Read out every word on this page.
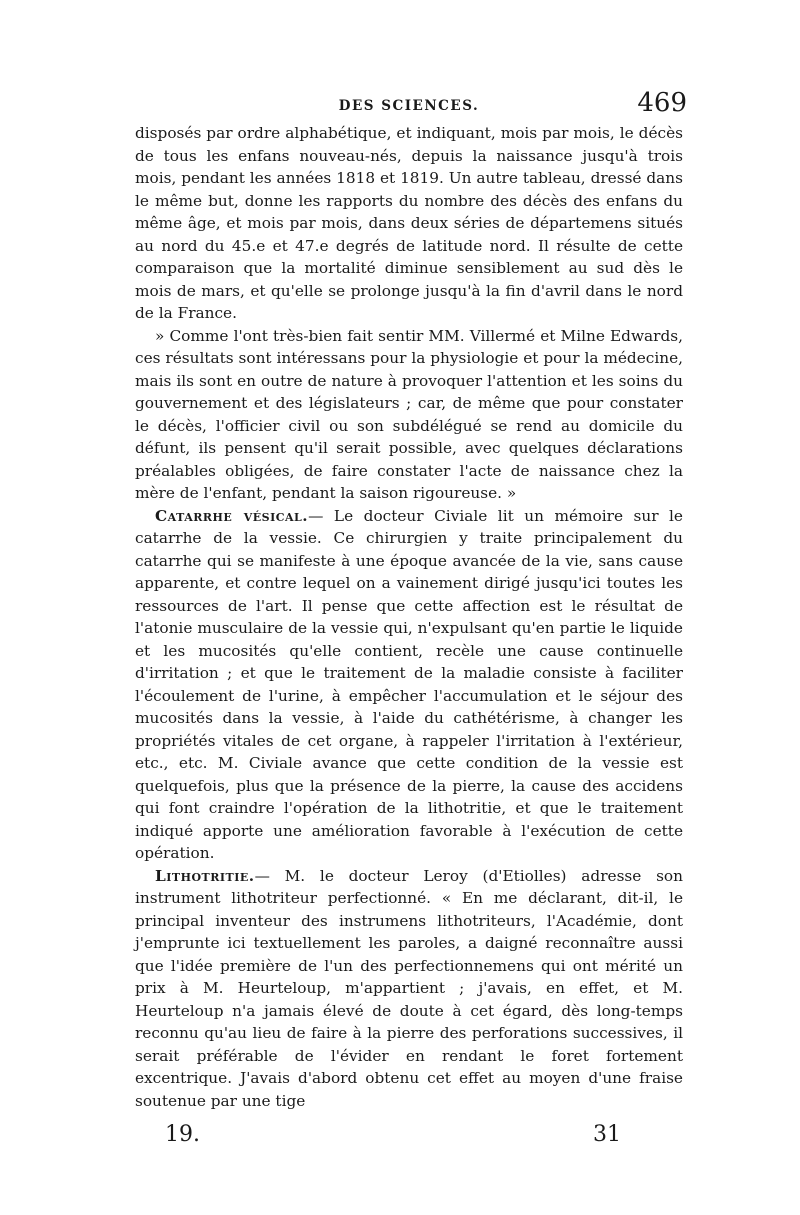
DES SCIENCES.	469

disposés par ordre alphabétique, et indiquant, mois par mois, le décès de tous les enfans nouveau-nés, depuis la naissance jusqu'à trois mois, pendant les années 1818 et 1819. Un autre tableau, dressé dans le même but, donne les rapports du nombre des décès des enfans du même âge, et mois par mois, dans deux séries de départemens situés au nord du 45.e et 47.e degrés de latitude nord. Il résulte de cette comparaison que la mortalité diminue sensiblement au sud dès le mois de mars, et qu'elle se prolonge jusqu'à la fin d'avril dans le nord de la France.

» Comme l'ont très-bien fait sentir MM. Villermé et Milne Edwards, ces résultats sont intéressans pour la physiologie et pour la médecine, mais ils sont en outre de nature à provoquer l'attention et les soins du gouvernement et des législateurs ; car, de même que pour constater le décès, l'officier civil ou son subdélégué se rend au domicile du défunt, ils pensent qu'il serait possible, avec quelques déclarations préalables obligées, de faire constater l'acte de naissance chez la mère de l'enfant, pendant la saison rigoureuse. »

Catarrhe vésical.— Le docteur Civiale lit un mémoire sur le catarrhe de la vessie. Ce chirurgien y traite principalement du catarrhe qui se manifeste à une époque avancée de la vie, sans cause apparente, et contre lequel on a vainement dirigé jusqu'ici toutes les ressources de l'art. Il pense que cette affection est le résultat de l'atonie musculaire de la vessie qui, n'expulsant qu'en partie le liquide et les mucosités qu'elle contient, recèle une cause continuelle d'irritation ; et que le traitement de la maladie consiste à faciliter l'écoulement de l'urine, à empêcher l'accumulation et le séjour des mucosités dans la vessie, à l'aide du cathétérisme, à changer les propriétés vitales de cet organe, à rappeler l'irritation à l'extérieur, etc., etc. M. Civiale avance que cette condition de la vessie est quelquefois, plus que la présence de la pierre, la cause des accidens qui font craindre l'opération de la lithotritie, et que le traitement indiqué apporte une amélioration favorable à l'exécution de cette opération.

Lithotritie.— M. le docteur Leroy (d'Etiolles) adresse son instrument lithotriteur perfectionné. « En me déclarant, dit-il, le principal inventeur des instrumens lithotriteurs, l'Académie, dont j'emprunte ici textuellement les paroles, a daigné reconnaître aussi que l'idée première de l'un des perfectionnemens qui ont mérité un prix à M. Heurteloup, m'appartient ; j'avais, en effet, et M. Heurteloup n'a jamais élevé de doute à cet égard, dès long-temps reconnu qu'au lieu de faire à la pierre des perforations successives, il serait préférable de l'évider en rendant le foret fortement excentrique. J'avais d'abord obtenu cet effet au moyen d'une fraise soutenue par une tige

19.	31
